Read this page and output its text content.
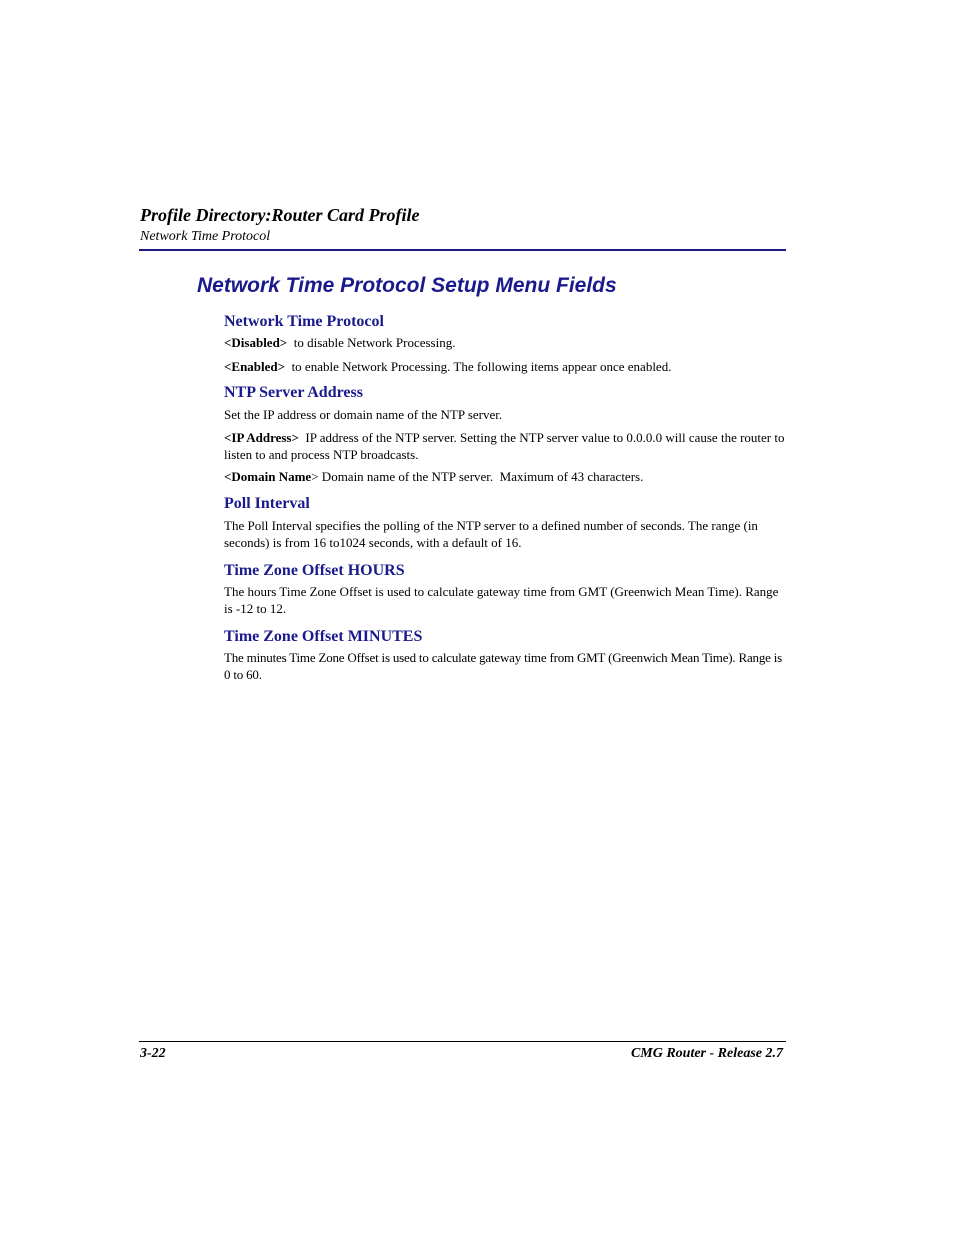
Profile Directory:Router Card Profile
Network Time Protocol
Network Time Protocol Setup Menu Fields
Network Time Protocol

<Disabled>  to disable Network Processing.

<Enabled>  to enable Network Processing. The following items appear once enabled.

NTP Server Address

Set the IP address or domain name of the NTP server.

<IP Address>  IP address of the NTP server. Setting the NTP server value to 0.0.0.0 will cause the router to listen to and process NTP broadcasts.

<Domain Name> Domain name of the NTP server.  Maximum of 43 characters.

Poll Interval

The Poll Interval specifies the polling of the NTP server to a defined number of seconds. The range (in seconds) is from 16 to1024 seconds, with a default of 16.

Time Zone Offset HOURS

The hours Time Zone Offset is used to calculate gateway time from GMT (Greenwich Mean Time). Range is -12 to 12.

Time Zone Offset MINUTES

The minutes Time Zone Offset is used to calculate gateway time from GMT (Greenwich Mean Time). Range is 0 to 60.

3-22	CMG Router - Release 2.7
